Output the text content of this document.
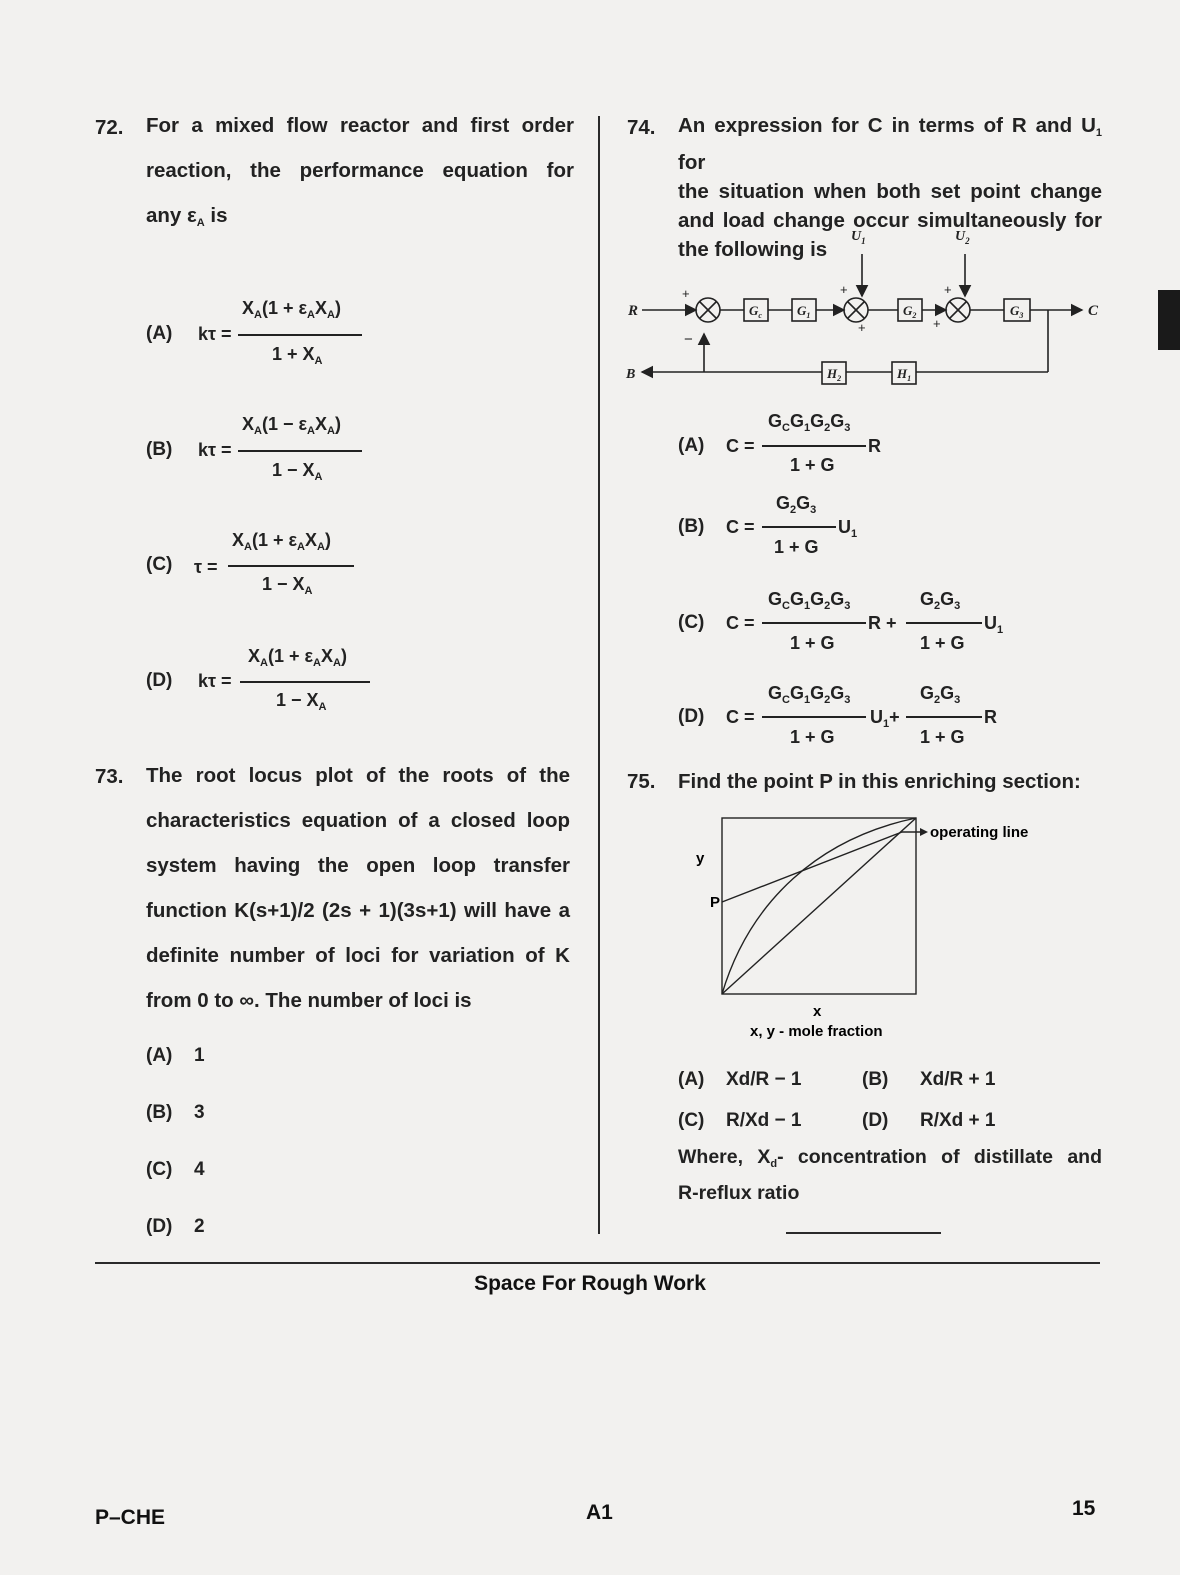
72. For a mixed flow reactor and first order
reaction, the performance equation for
any $\varepsilon_A$ is
(A) kτ =
$X_A(1 + \varepsilon_AX_A)$
$1 + X_A$
(B) kτ =
$X_A(1 - \varepsilon_AX_A)$
$1 - X_A$
(C) τ =
$X_A(1 + \varepsilon_AX_A)$
$1 - X_A$
(D) kτ =
$X_A(1 + \varepsilon_AX_A)$
$1 - X_A$
73. The root locus plot of the roots of the
characteristics equation of a closed loop
system having the open loop transfer
function K(s+1)/2 (2s + 1)(3s+1) will have a
definite number of loci for variation of K
from 0 to ∞. The number of loci is
(A) 1
(B) 3
(C) 4
(D) 2
74. An expression for C in terms of R and $U_1$ for
the situation when both set point change
and load change occur simultaneously for
the following is
R	C
B
$U_1$	$U_2$
$G_c$	$G_1$	$G_2$	$G_3$
$H_2$	$H_1$
+
−
+
+
+
+
(A) C =
$G_CG_1G_2G_3$
1 + G
R
(B) C =
$G_2G_3$
1 + G
$U_1$
(C) C =
$G_CG_1G_2G_3$
1 + G
R +
$G_2G_3$
1 + G
$U_1$
(D) C =
$G_CG_1G_2G_3$
1 + G
$U_1+$
$G_2G_3$
1 + G
R
75. Find the point P in this enriching section:
operating line
y
P
x
x, y - mole fraction
(A) Xd/R − 1	(B) Xd/R + 1
(C) R/Xd − 1	(D) R/Xd + 1
Where, $X_d-$ concentration of distillate and
R-reflux ratio
Space For Rough Work
P–CHE	A1	15
